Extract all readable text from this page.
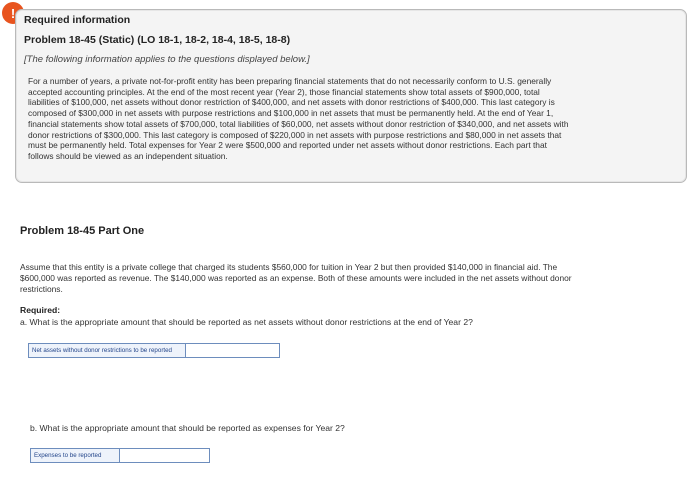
! Required information
Problem 18-45 (Static) (LO 18-1, 18-2, 18-4, 18-5, 18-8)
[The following information applies to the questions displayed below.]
For a number of years, a private not-for-profit entity has been preparing financial statements that do not necessarily conform to U.S. generally accepted accounting principles. At the end of the most recent year (Year 2), those financial statements show total assets of $900,000, total liabilities of $100,000, net assets without donor restriction of $400,000, and net assets with donor restrictions of $400,000. This last category is composed of $300,000 in net assets with purpose restrictions and $100,000 in net assets that must be permanently held. At the end of Year 1, financial statements show total assets of $700,000, total liabilities of $60,000, net assets without donor restriction of $340,000, and net assets with donor restrictions of $300,000. This last category is composed of $220,000 in net assets with purpose restrictions and $80,000 in net assets that must be permanently held. Total expenses for Year 2 were $500,000 and reported under net assets without donor restrictions. Each part that follows should be viewed as an independent situation.
Problem 18-45 Part One
Assume that this entity is a private college that charged its students $560,000 for tuition in Year 2 but then provided $140,000 in financial aid. The $600,000 was reported as revenue. The $140,000 was reported as an expense. Both of these amounts were included in the net assets without donor restrictions.
Required:
a. What is the appropriate amount that should be reported as net assets without donor restrictions at the end of Year 2?
Net assets without donor restrictions to be reported
b. What is the appropriate amount that should be reported as expenses for Year 2?
Expenses to be reported
